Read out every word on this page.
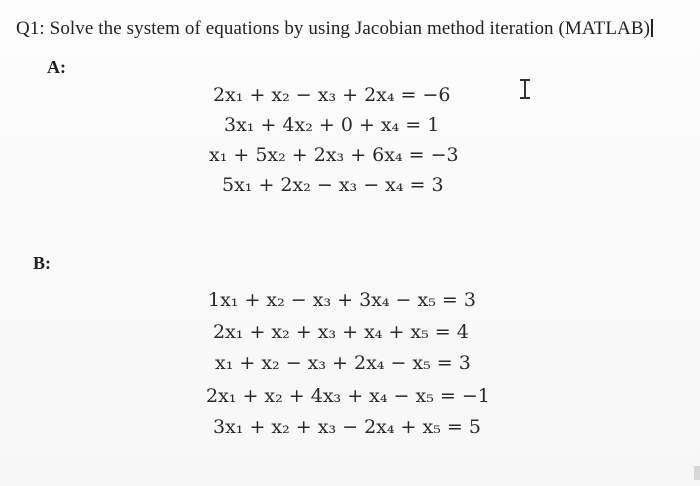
Q1: Solve the system of equations by using Jacobian method iteration (MATLAB)
A:
2x₁ + x₂ − x₃ + 2x₄ = −6
3x₁ + 4x₂ + 0 + x₄ = 1
x₁ + 5x₂ + 2x₃ + 6x₄ = −3
5x₁ + 2x₂ − x₃ − x₄ = 3
B:
1x₁ + x₂ − x₃ + 3x₄ − x₅ = 3
2x₁ + x₂ + x₃ + x₄ + x₅ = 4
x₁ + x₂ − x₃ + 2x₄ − x₅ = 3
2x₁ + x₂ + 4x₃ + x₄ − x₅ = −1
3x₁ + x₂ + x₃ − 2x₄ + x₅ = 5
